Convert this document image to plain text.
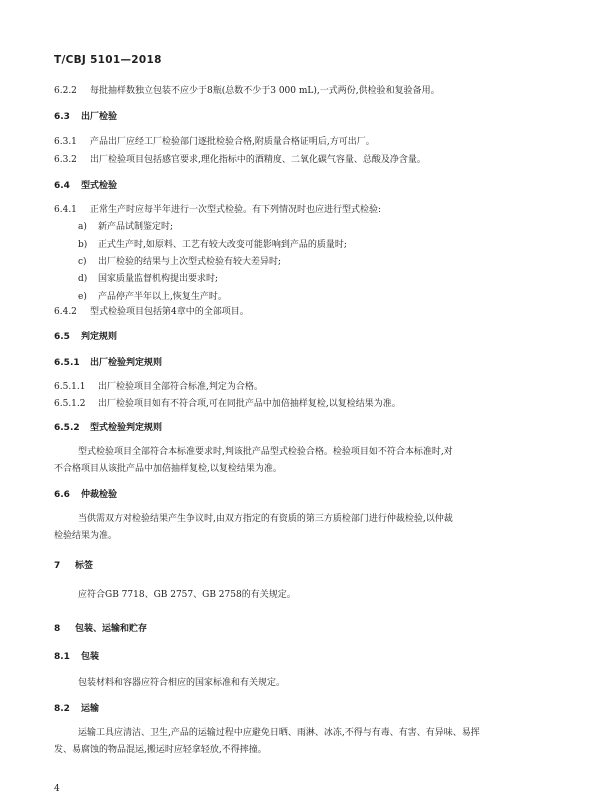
T/CBJ 5101—2018
6.2.2 每批抽样数独立包装不应少于8瓶(总数不少于3 000 mL),一式两份,供检验和复验备用。
6.3 出厂检验
6.3.1 产品出厂应经工厂检验部门逐批检验合格,附质量合格证明后,方可出厂。
6.3.2 出厂检验项目包括感官要求,理化指标中的酒精度、二氧化碳气容量、总酸及净含量。
6.4 型式检验
6.4.1 正常生产时应每半年进行一次型式检验。有下列情况时也应进行型式检验:
a) 新产品试制鉴定时;
b) 正式生产时,如原料、工艺有较大改变可能影响到产品的质量时;
c) 出厂检验的结果与上次型式检验有较大差异时;
d) 国家质量监督机构提出要求时;
e) 产品停产半年以上,恢复生产时。
6.4.2 型式检验项目包括第4章中的全部项目。
6.5 判定规则
6.5.1 出厂检验判定规则
6.5.1.1 出厂检验项目全部符合标准,判定为合格。
6.5.1.2 出厂检验项目如有不符合项,可在同批产品中加倍抽样复检,以复检结果为准。
6.5.2 型式检验判定规则
型式检验项目全部符合本标准要求时,判该批产品型式检验合格。检验项目如不符合本标准时,对
不合格项目从该批产品中加倍抽样复检,以复检结果为准。
6.6 仲裁检验
当供需双方对检验结果产生争议时,由双方指定的有资质的第三方质检部门进行仲裁检验,以仲裁
检验结果为准。
7 标签
应符合GB 7718、GB 2757、GB 2758的有关规定。
8 包装、运输和贮存
8.1 包装
包装材料和容器应符合相应的国家标准和有关规定。
8.2 运输
运输工具应清洁、卫生,产品的运输过程中应避免日晒、雨淋、冰冻,不得与有毒、有害、有异味、易挥
发、易腐蚀的物品混运,搬运时应轻拿轻放,不得摔撞。
4
